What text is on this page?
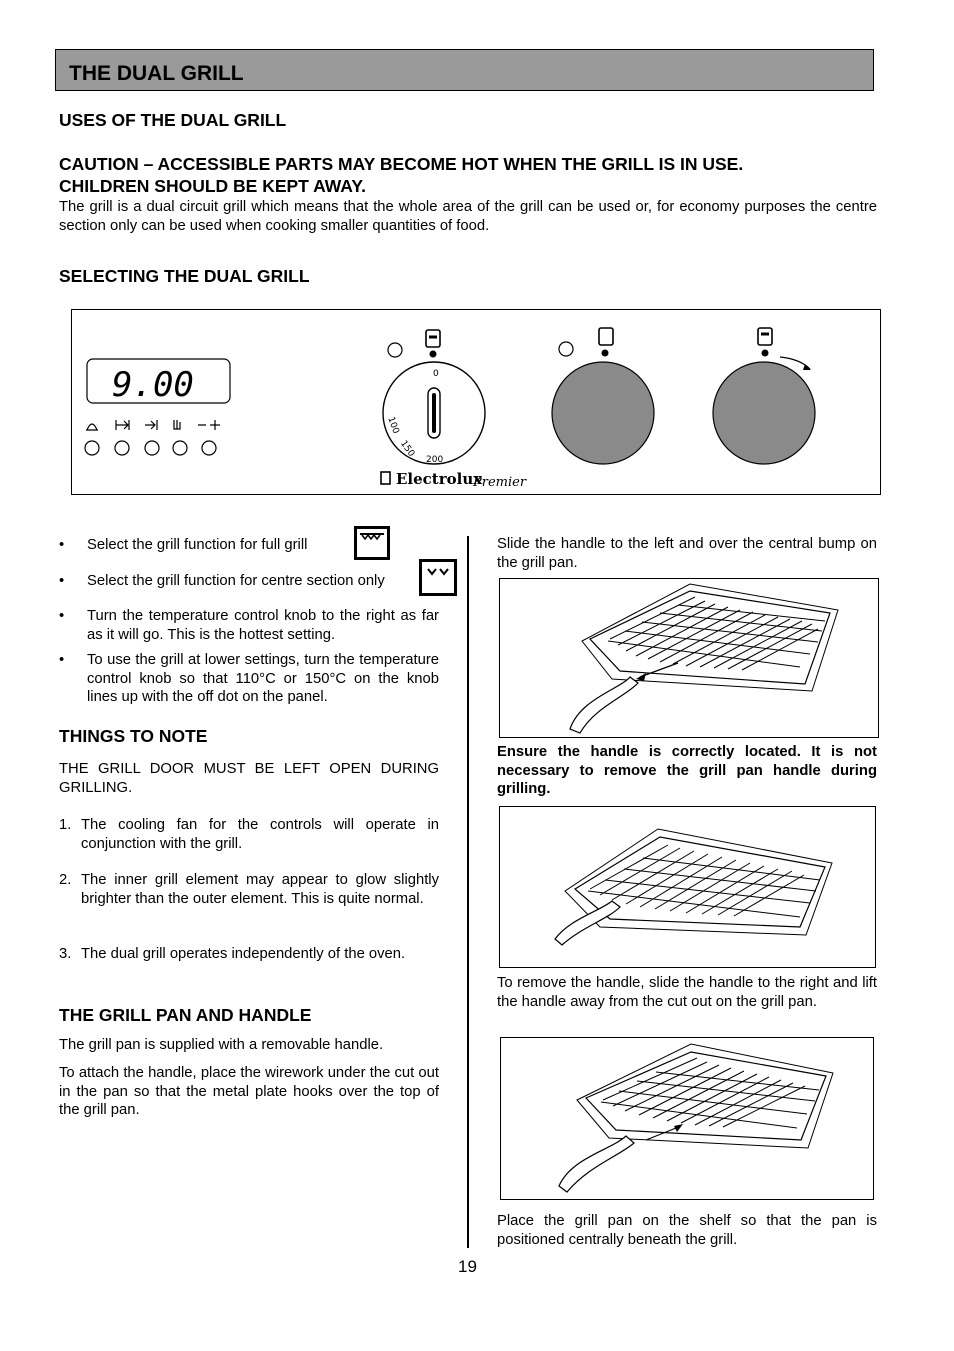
THE DUAL GRILL
USES OF THE DUAL GRILL
CAUTION – ACCESSIBLE PARTS MAY BECOME HOT WHEN THE GRILL IS IN USE.
CHILDREN SHOULD BE KEPT AWAY.
The grill is a dual circuit grill which means that the whole area of the grill can be used or, for economy purposes the centre section only can be used when cooking smaller quantities of food.
SELECTING THE DUAL GRILL
9.00	0
200
150
100
Electrolux
Premier
• Select the grill function for full grill
• Select the grill function for centre section only
• Turn the temperature control knob to the right as far as it will go. This is the hottest setting.
• To use the grill at lower settings, turn the temperature control knob so that 110°C or 150°C on the knob lines up with the off dot on the panel.
THINGS TO NOTE
THE GRILL DOOR MUST BE LEFT OPEN DURING GRILLING.
1. The cooling fan for the controls will operate in conjunction with the grill.
2. The inner grill element may appear to glow slightly brighter than the outer element. This is quite normal.
3. The dual grill operates independently of the oven.
THE GRILL PAN AND HANDLE
The grill pan is supplied with a removable handle.
To attach the handle, place the wirework under the cut out in the pan so that the metal plate hooks over the top of the grill pan.
Slide the handle to the left and over the central bump on the grill pan.
Ensure the handle is correctly located. It is not necessary to remove the grill pan handle during grilling.
To remove the handle, slide the handle to the right and lift the handle away from the cut out on the grill pan.
Place the grill pan on the shelf so that the pan is positioned centrally beneath the grill.
19
